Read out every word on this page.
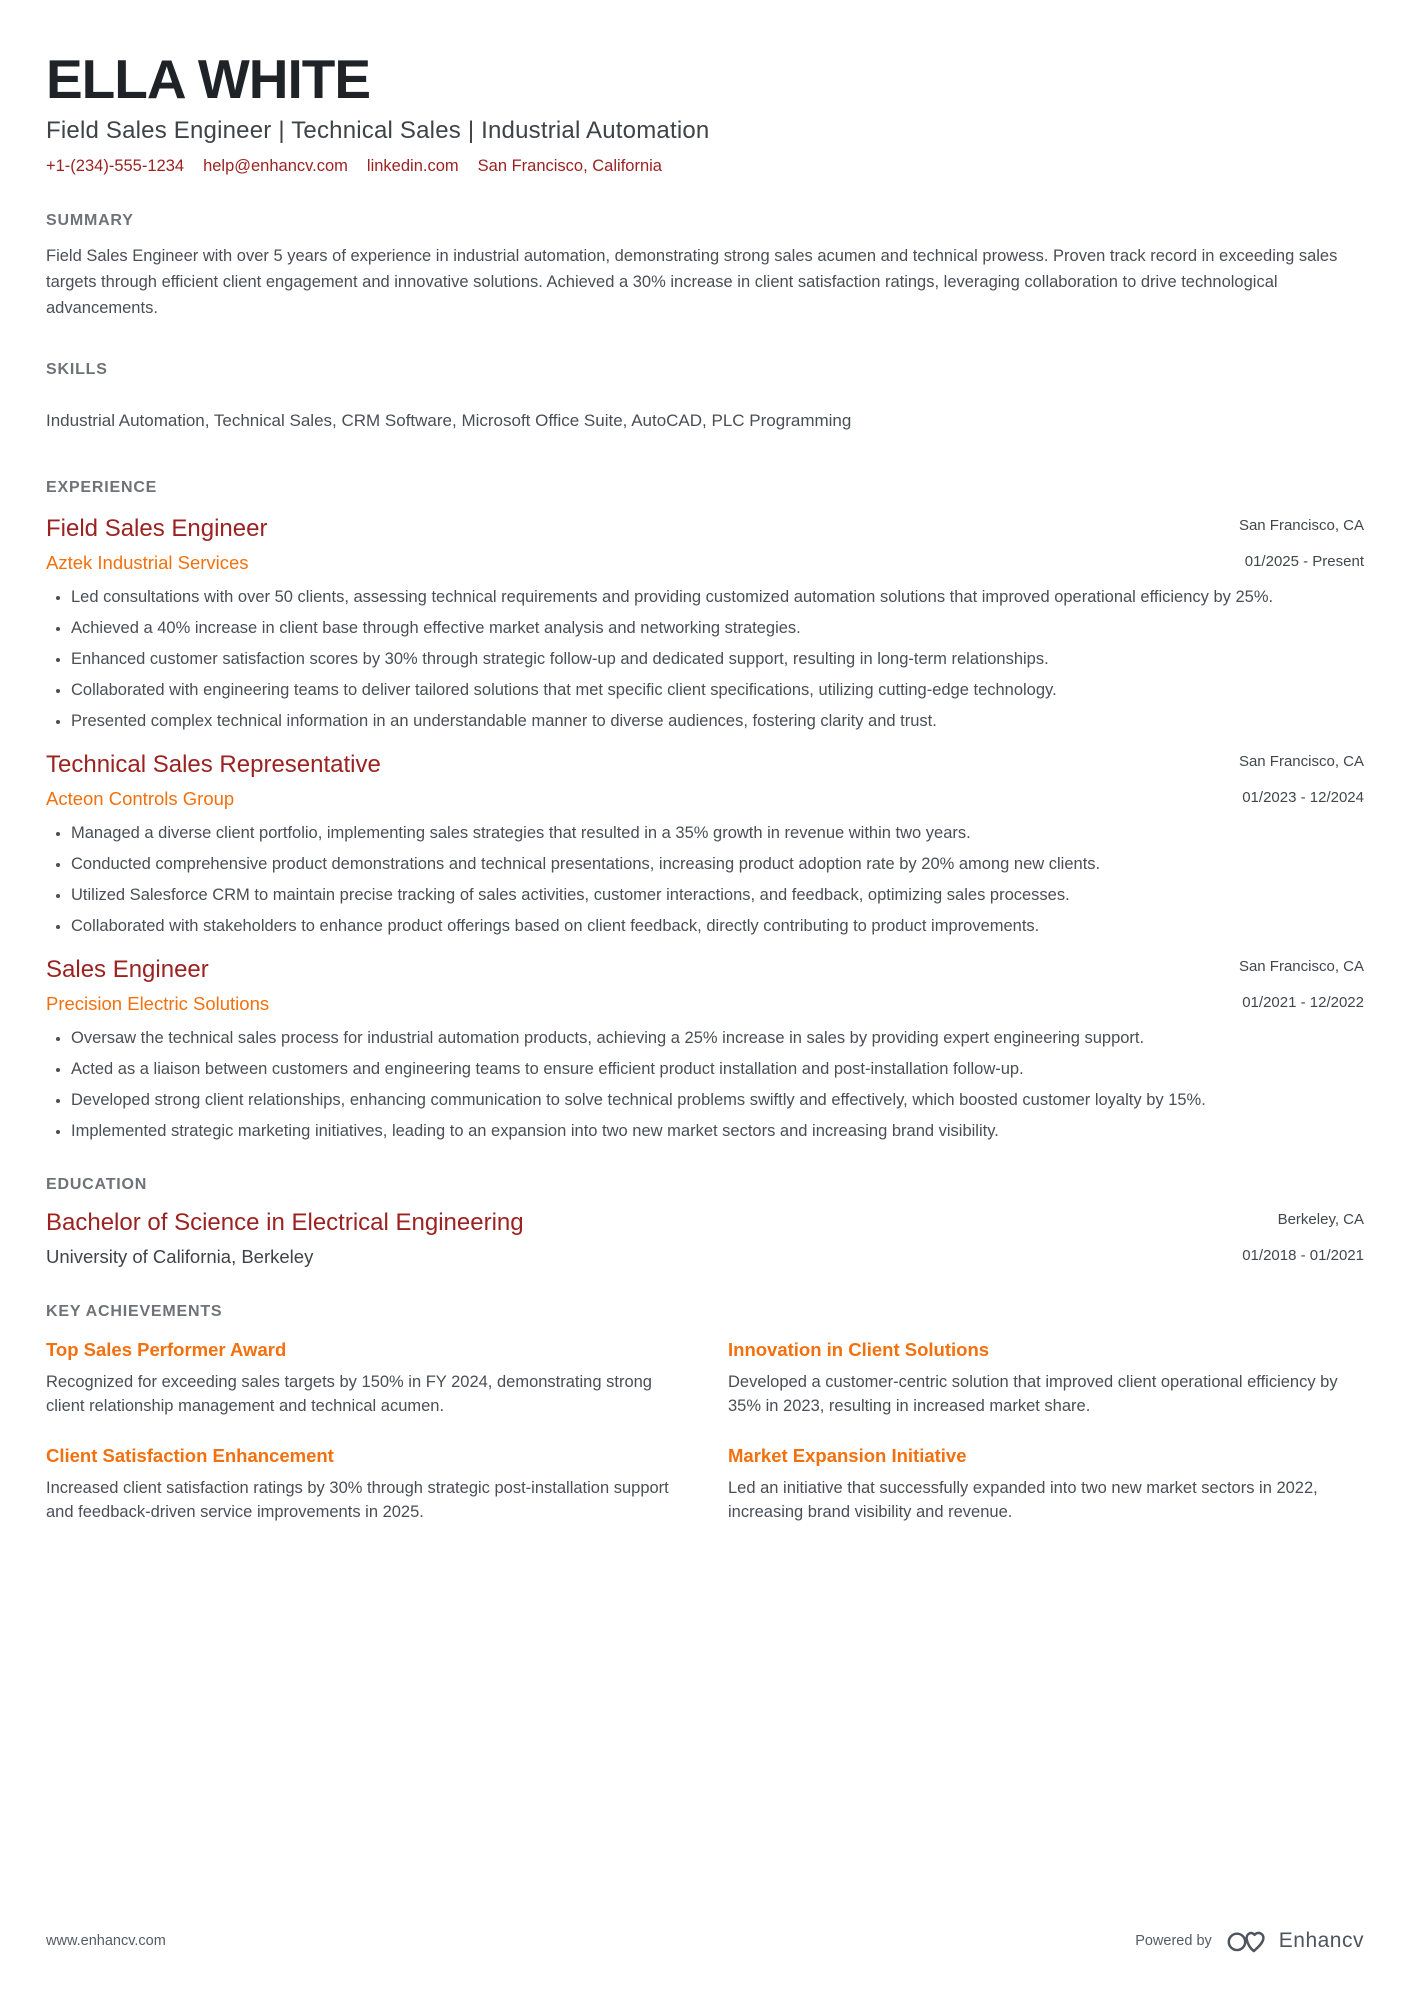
ELLA WHITE
Field Sales Engineer | Technical Sales | Industrial Automation
+1-(234)-555-1234 help@enhancv.com linkedin.com San Francisco, California
SUMMARY

Field Sales Engineer with over 5 years of experience in industrial automation, demonstrating strong sales acumen and technical prowess. Proven track record in exceeding sales targets through efficient client engagement and innovative solutions. Achieved a 30% increase in client satisfaction ratings, leveraging collaboration to drive technological advancements.

SKILLS

Industrial Automation, Technical Sales, CRM Software, Microsoft Office Suite, AutoCAD, PLC Programming

EXPERIENCE
Field Sales Engineer
Aztek Industrial Services
San Francisco, CA
01/2025 - Present
• Led consultations with over 50 clients, assessing technical requirements and providing customized automation solutions that improved operational efficiency by 25%.
• Achieved a 40% increase in client base through effective market analysis and networking strategies.
• Enhanced customer satisfaction scores by 30% through strategic follow-up and dedicated support, resulting in long-term relationships.
• Collaborated with engineering teams to deliver tailored solutions that met specific client specifications, utilizing cutting-edge technology.
• Presented complex technical information in an understandable manner to diverse audiences, fostering clarity and trust.
Technical Sales Representative
Acteon Controls Group
San Francisco, CA
01/2023 - 12/2024
• Managed a diverse client portfolio, implementing sales strategies that resulted in a 35% growth in revenue within two years.
• Conducted comprehensive product demonstrations and technical presentations, increasing product adoption rate by 20% among new clients.
• Utilized Salesforce CRM to maintain precise tracking of sales activities, customer interactions, and feedback, optimizing sales processes.
• Collaborated with stakeholders to enhance product offerings based on client feedback, directly contributing to product improvements.
Sales Engineer
Precision Electric Solutions
San Francisco, CA
01/2021 - 12/2022
• Oversaw the technical sales process for industrial automation products, achieving a 25% increase in sales by providing expert engineering support.
• Acted as a liaison between customers and engineering teams to ensure efficient product installation and post-installation follow-up.
• Developed strong client relationships, enhancing communication to solve technical problems swiftly and effectively, which boosted customer loyalty by 15%.
• Implemented strategic marketing initiatives, leading to an expansion into two new market sectors and increasing brand visibility.
EDUCATION
Bachelor of Science in Electrical Engineering
University of California, Berkeley
Berkeley, CA
01/2018 - 01/2021
KEY ACHIEVEMENTS
Top Sales Performer Award

Recognized for exceeding sales targets by 150% in FY 2024, demonstrating strong client relationship management and technical acumen.

Innovation in Client Solutions

Developed a customer-centric solution that improved client operational efficiency by 35% in 2023, resulting in increased market share.

Client Satisfaction Enhancement

Increased client satisfaction ratings by 30% through strategic post-installation support and feedback-driven service improvements in 2025.

Market Expansion Initiative

Led an initiative that successfully expanded into two new market sectors in 2022, increasing brand visibility and revenue.

www.enhancv.com	Powered by	Enhancv
